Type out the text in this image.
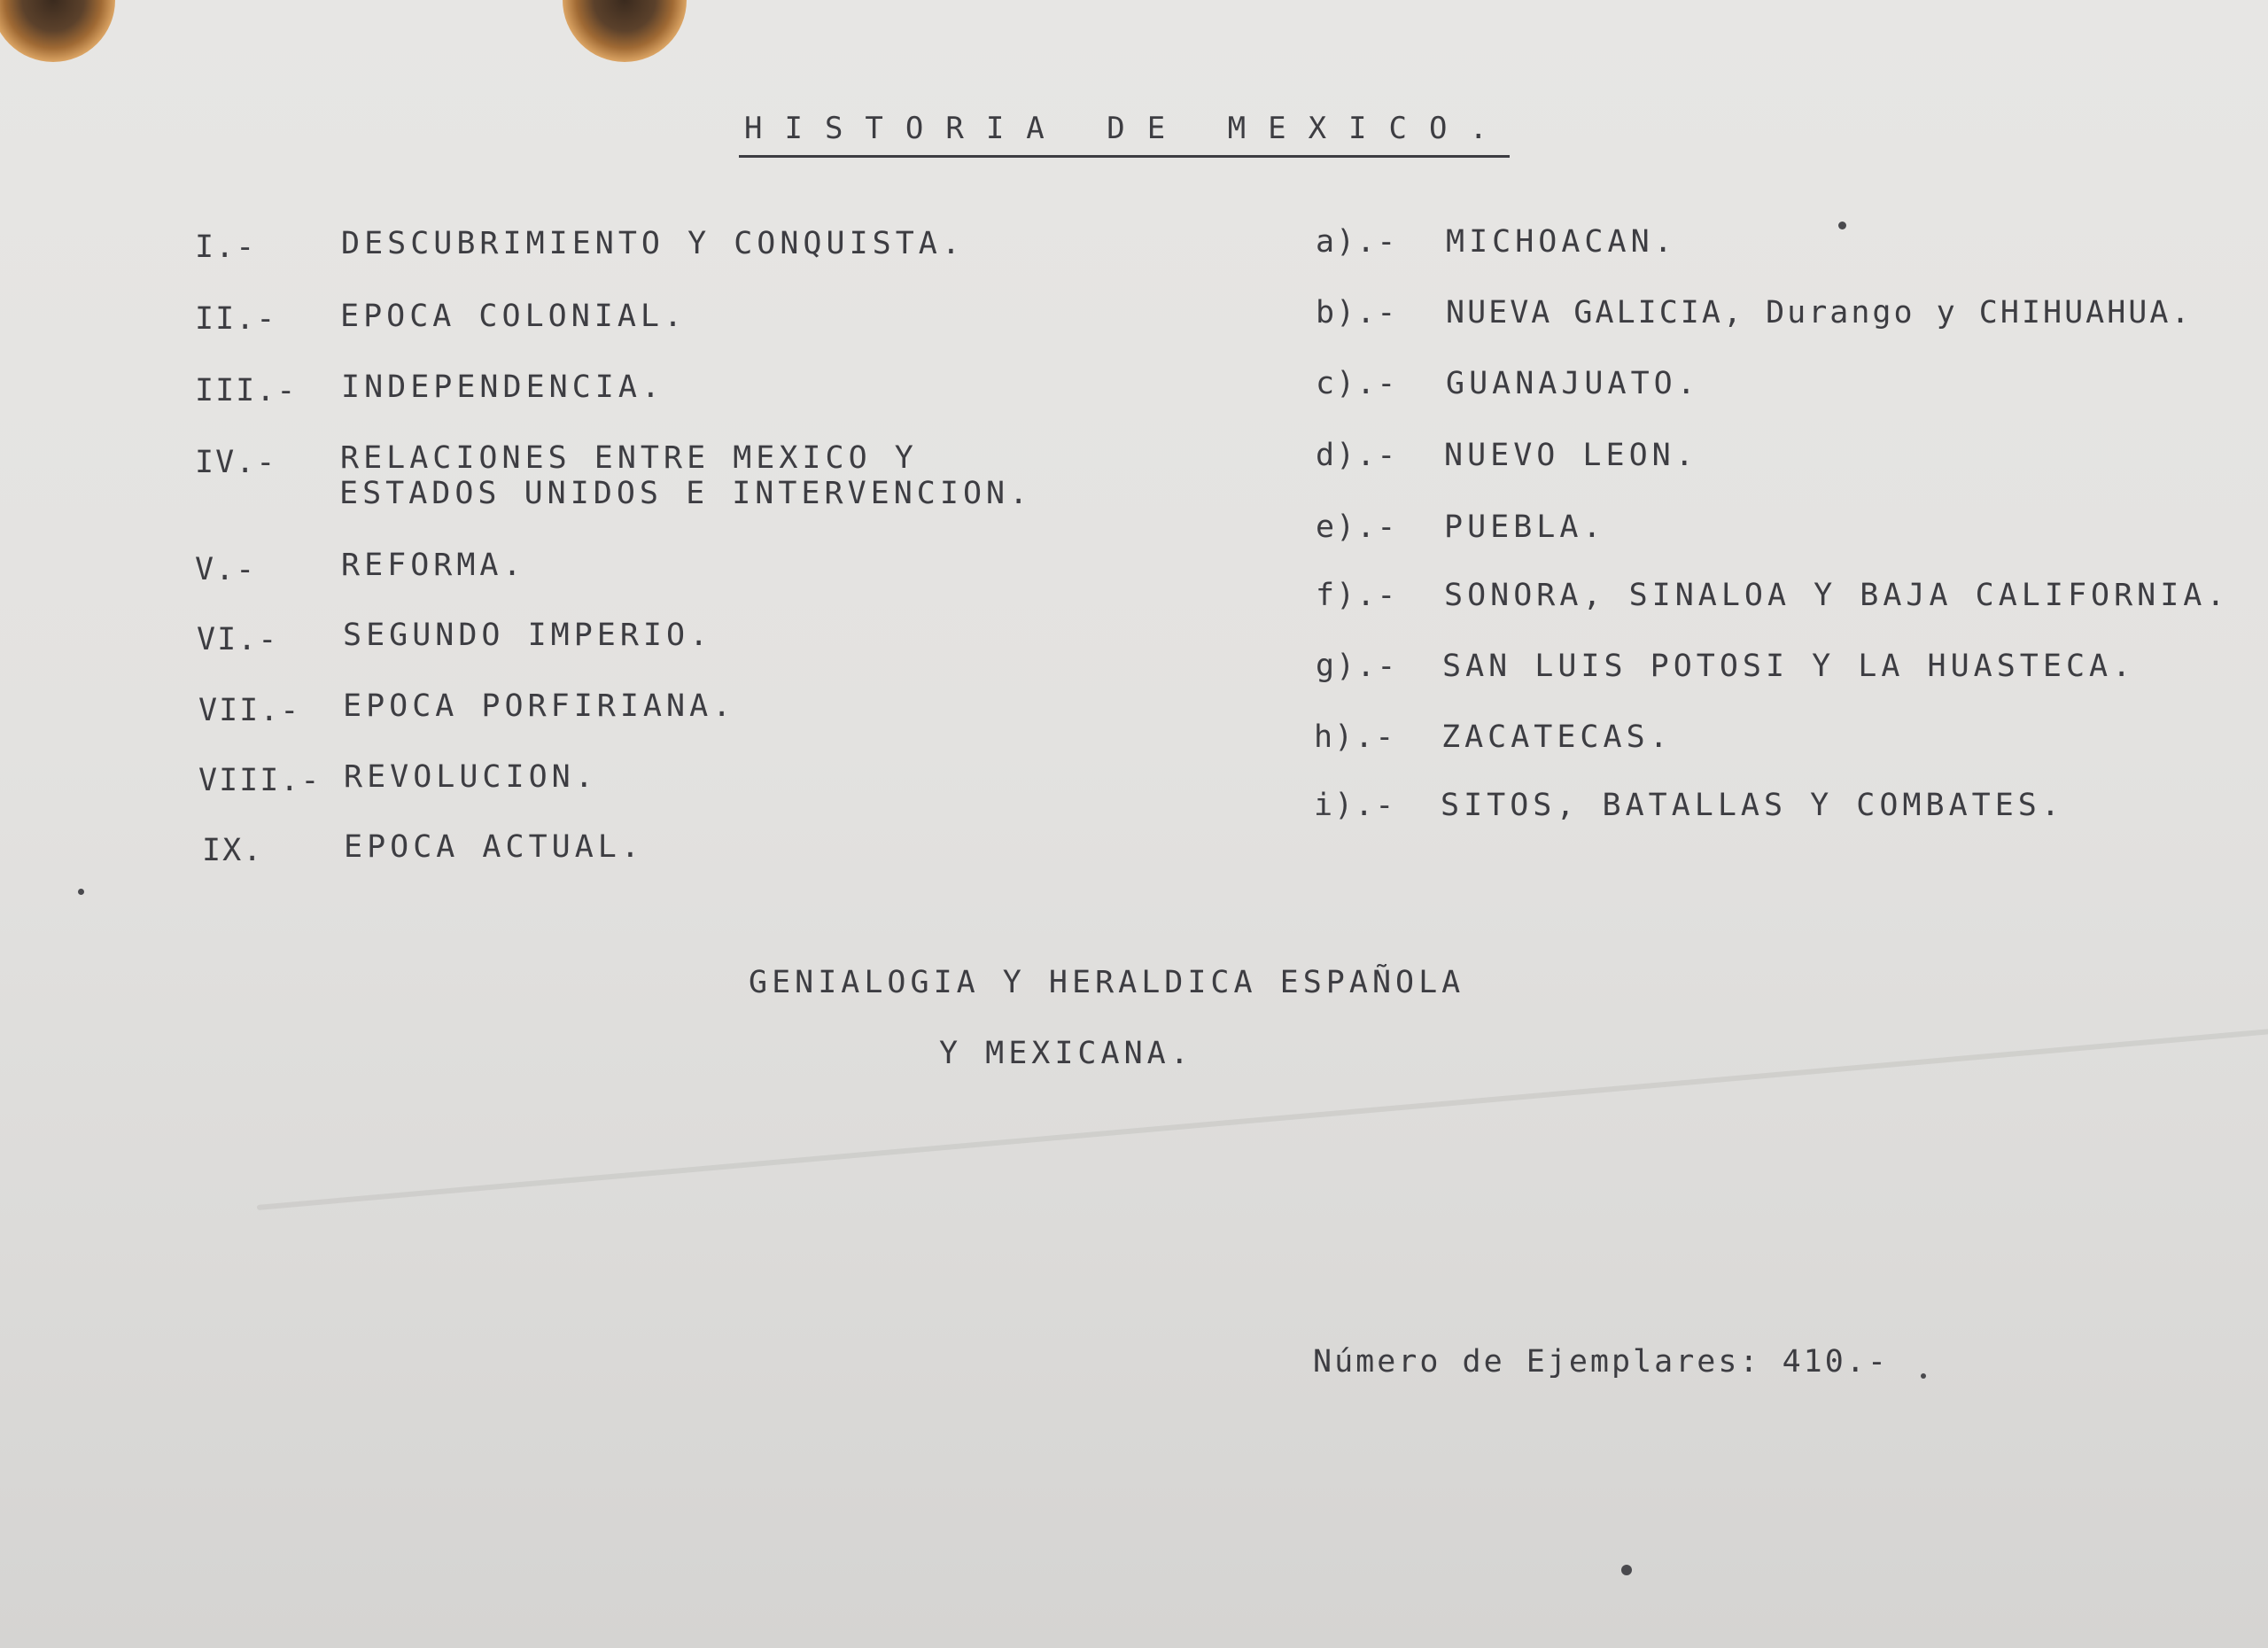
HISTORIA DE MEXICO.
I.-	DESCUBRIMIENTO Y CONQUISTA.
II.- EPOCA COLONIAL.
III.- INDEPENDENCIA.
IV.- RELACIONES ENTRE MEXICO Y
ESTADOS UNIDOS E INTERVENCION.
V.-	REFORMA.
VI.- SEGUNDO IMPERIO.
VII.- EPOCA PORFIRIANA.
VIII.- REVOLUCION.
IX.	EPOCA ACTUAL.
a).- MICHOACAN.
b).- NUEVA GALICIA, Durango y CHIHUAHUA.
c).- GUANAJUATO.
d).- NUEVO LEON.
e).- PUEBLA.
f).- SONORA, SINALOA Y BAJA CALIFORNIA.
g).- SAN LUIS POTOSI Y LA HUASTECA.
h).- ZACATECAS.
i).- SITOS, BATALLAS Y COMBATES.
GENIALOGIA Y HERALDICA ESPAÑOLA
Y MEXICANA.
Número de Ejemplares: 410.-
